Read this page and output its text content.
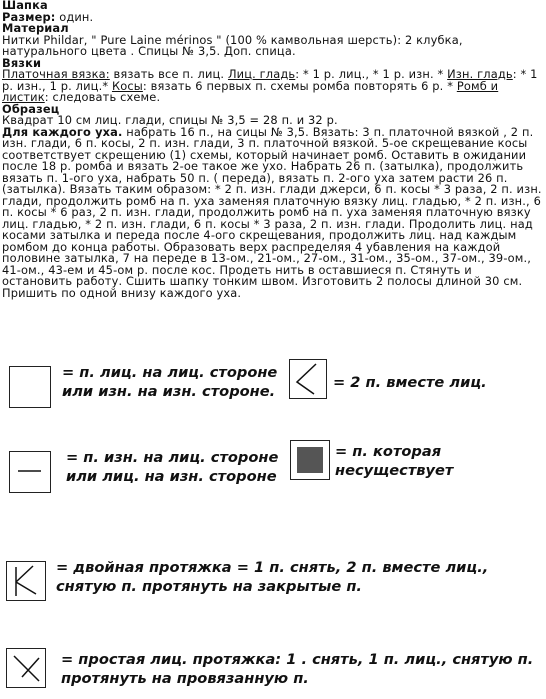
Шапка

Размер: один.

Материал

Нитки Phildar, " Pure Laine mérinos " (100 % камвольная шерсть): 2 клубка, натурального цвета . Спицы № 3,5. Доп. спица.

Вязки

Платочная вязка: вязать все п. лиц. Лиц. гладь: * 1 р. лиц., * 1 р. изн. * Изн. гладь: * 1 р. изн., 1 р. лиц.* Косы: вязать 6 первых п. схемы ромба повторять 6 р. * Ромб и листик: следовать схеме.

Образец

Квадрат 10 см лиц. глади, спицы № 3,5 = 28 п. и 32 р.

Для каждого уха. набрать 16 п., на сицы № 3,5. Вязать: 3 п. платочной вязкой , 2 п. изн. глади, 6 п. косы, 2 п. изн. глади, 3 п. платочной вязкой. 5-ое скрещевание косы соответствует скрещению (1) схемы, который начинает ромб. Оставить в ожидании после 18 р. ромба и вязать 2-ое такое же ухо. Набрать 26 п. (затылка), продолжить вязать п. 1-ого уха, набрать 50 п. ( переда), вязать п. 2-ого уха затем расти 26 п. (затылка). Вязать таким образом: * 2 п. изн. глади джерси, 6 п. косы * 3 раза, 2 п. изн. глади, продолжить ромб на п. уха заменяя платочную вязку лиц. гладью, * 2 п. изн., 6 п. косы * 6 раз, 2 п. изн. глади, продолжить ромб на п. уха заменяя платочную вязку лиц. гладью, * 2 п. изн. глади, 6 п. косы * 3 раза, 2 п. изн. глади. Продолить лиц. над косами затылка и переда после 4-ого скрещевания, продолжить лиц. над каждым ромбом до конца работы. Образовать верх распределяя 4 убавления на каждой половине затылка, 7 на переде в 13-ом., 21-ом., 27-ом., 31-ом., 35-ом., 37-ом., 39-ом., 41-ом., 43-ем и 45-ом р. после кос. Продеть нить в оставшиеся п. Стянуть и остановить работу. Сшить шапку тонким швом. Изготовить 2 полосы длиной 30 см. Пришить по одной внизу каждого уха.

= п. лиц. на лиц. стороне
или изн. на изн. стороне.
= 2 п. вместе лиц.
= п. изн. на лиц. стороне
или лиц. на изн. стороне
= п. которая
несуществует
= двойная протяжка = 1 п. снять, 2 п. вместе лиц.,
снятую п. протянуть на закрытые п.
= простая лиц. протяжка: 1 . снять, 1 п. лиц., снятую п.
протянуть на провязанную п.
